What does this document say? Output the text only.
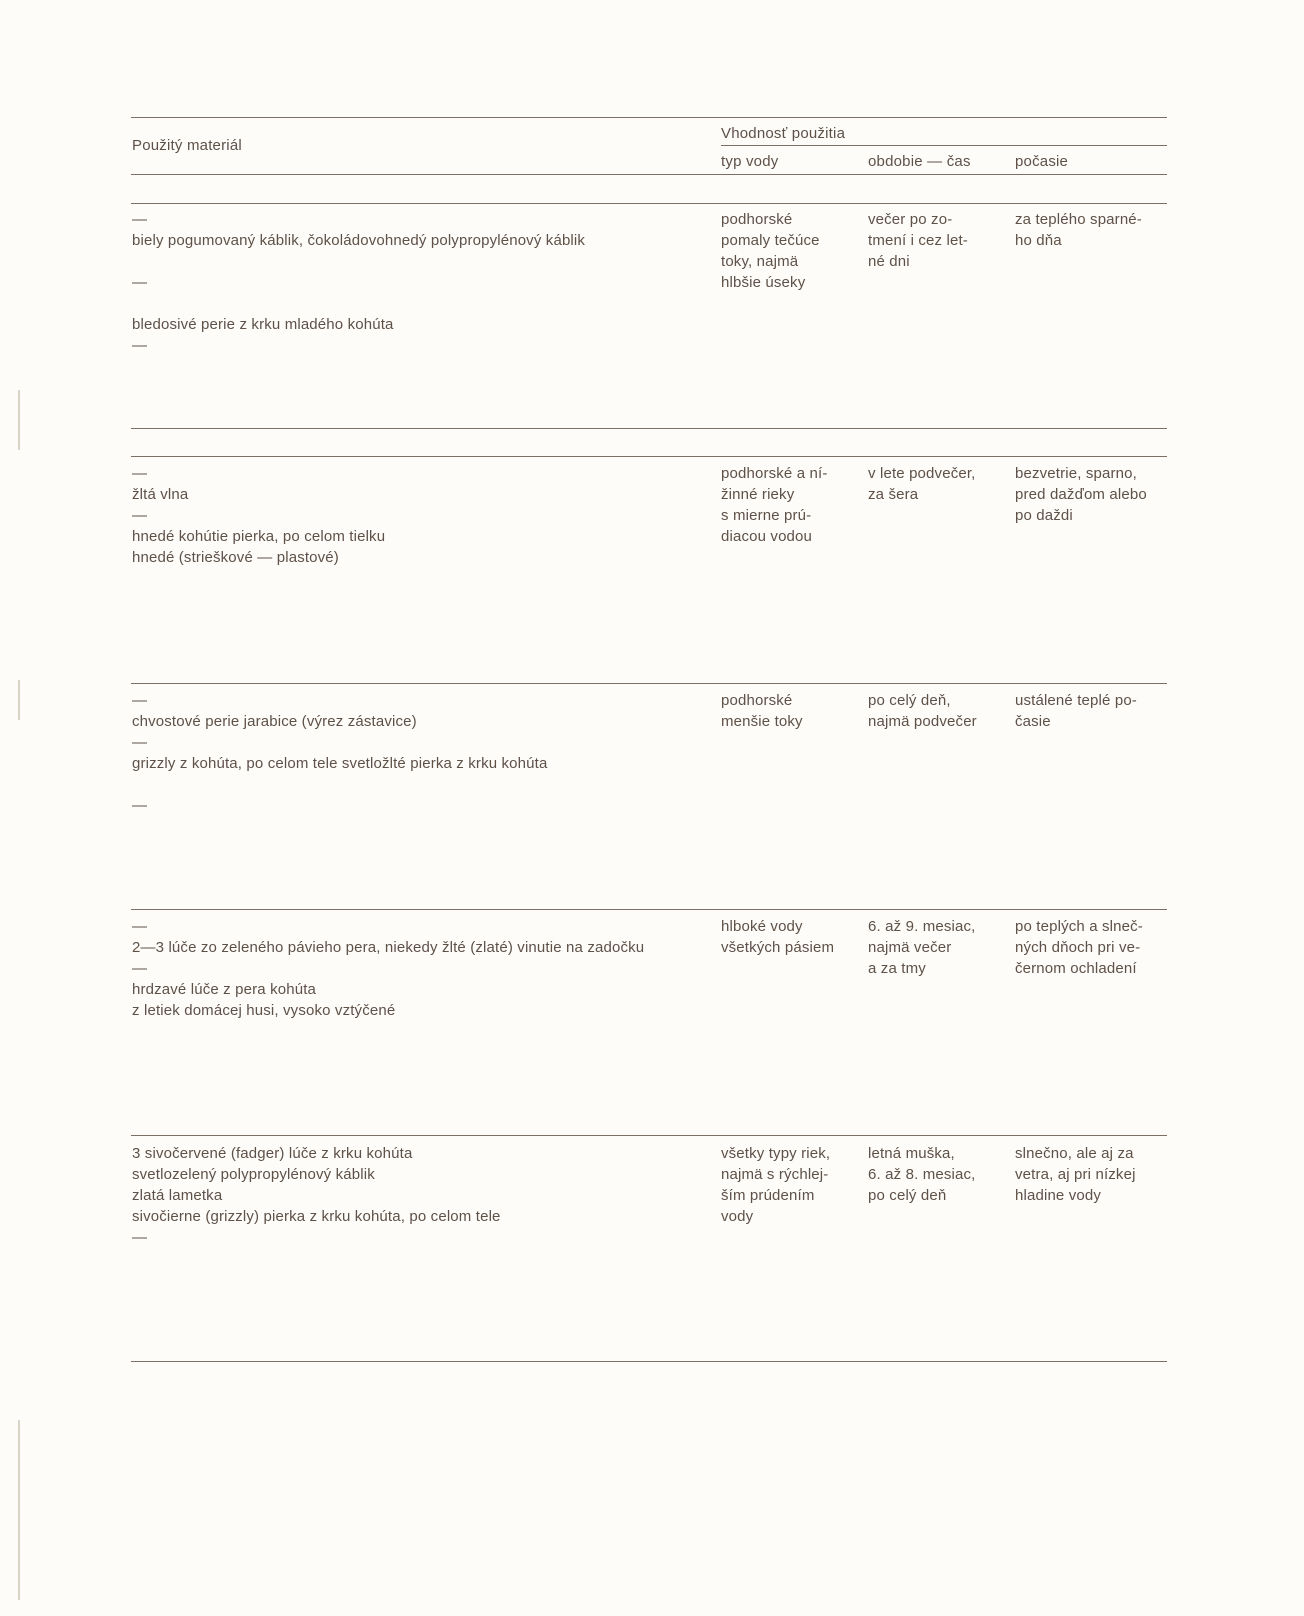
Použitý materiál
Vhodnosť použitia
typ vody	obdobie — čas	počasie
—
biely pogumovaný káblik, čokoládovohnedý polypropylénový káblik
—
bledosivé perie z krku mladého kohúta
—
podhorské
pomaly tečúce
toky, najmä
hlbšie úseky
večer po zo-
tmení i cez let-
né dni
za teplého sparné-
ho dňa
—
žltá vlna
—
hnedé kohútie pierka, po celom tielku
hnedé (strieškové — plastové)
podhorské a ní-
žinné rieky
s mierne prú-
diacou vodou
v lete podvečer,
za šera
bezvetrie, sparno,
pred dažďom alebo
po daždi
—
chvostové perie jarabice (výrez zástavice)
—
grizzly z kohúta, po celom tele svetložlté pierka z krku kohúta
—
podhorské
menšie toky
po celý deň,
najmä podvečer
ustálené teplé po-
časie
—
2—3 lúče zo zeleného pávieho pera, niekedy žlté (zlaté) vinutie na zadočku
—
hrdzavé lúče z pera kohúta
z letiek domácej husi, vysoko vztýčené
hlboké vody
všetkých pásiem
6. až 9. mesiac,
najmä večer
a za tmy
po teplých a slneč-
ných dňoch pri ve-
černom ochladení
3 sivočervené (fadger) lúče z krku kohúta
svetlozelený polypropylénový káblik
zlatá lametka
sivočierne (grizzly) pierka z krku kohúta, po celom tele
—
všetky typy riek,
najmä s rýchlej-
ším prúdením
vody
letná muška,
6. až 8. mesiac,
po celý deň
slnečno, ale aj za
vetra, aj pri nízkej
hladine vody
